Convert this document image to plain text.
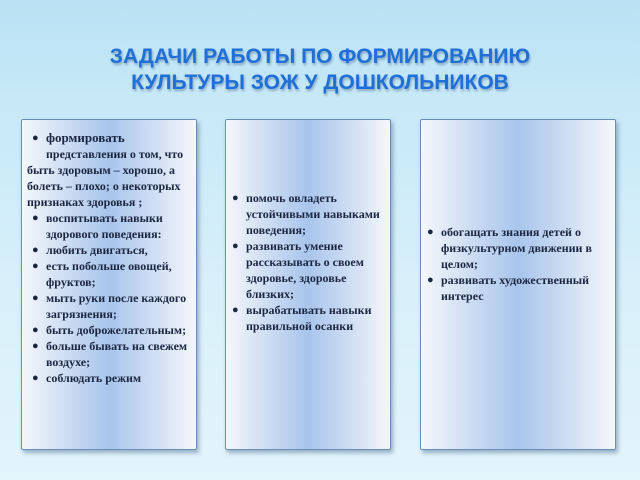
ЗАДАЧИ РАБОТЫ ПО ФОРМИРОВАНИЮ
КУЛЬТУРЫ ЗОЖ У ДОШКОЛЬНИКОВ
● формировать
представления о том, что быть здоровым – хорошо, а болеть – плохо; о некоторых признаках здоровья ;
● воспитывать навыки здорового поведения:
● любить двигаться,
● есть побольше овощей, фруктов;
● мыть руки после каждого загрязнения;
● быть доброжелательным;
● больше бывать на свежем воздухе;
● соблюдать режим
● помочь овладеть устойчивыми навыками поведения;
● развивать умение рассказывать о своем здоровье, здоровье близких;
● вырабатывать навыки правильной осанки
● обогащать знания детей о физкультурном движении в целом;
● развивать художественный интерес
